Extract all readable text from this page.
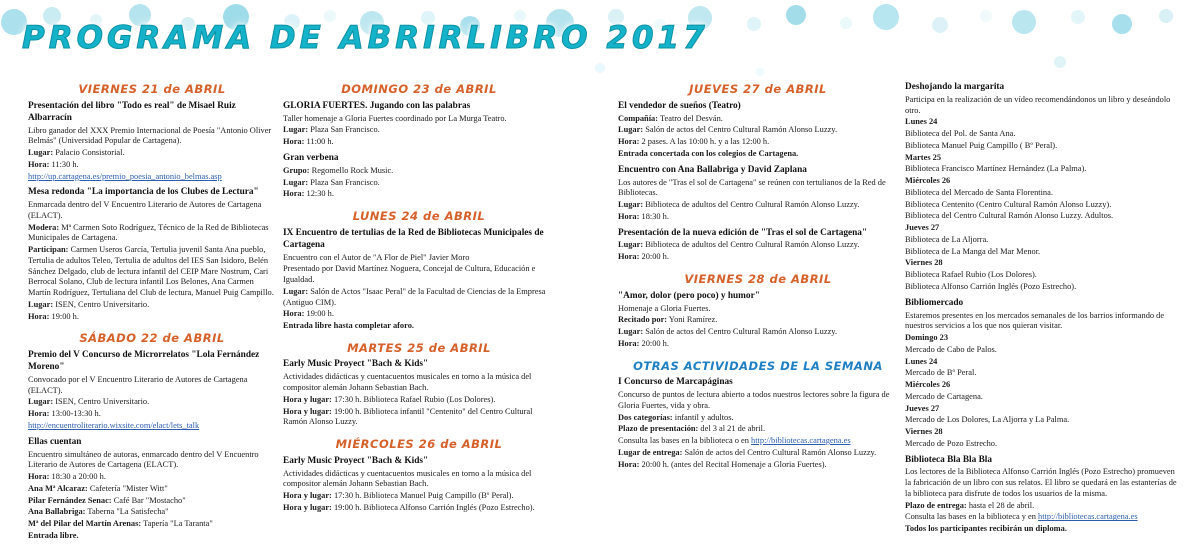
PROGRAMA DE ABRIRLIBRO 2017
VIERNES 21 de ABRIL
Presentación del libro "Todo es real" de Misael Ruiz Albarracín

Libro ganador del XXX Premio Internacional de Poesía "Antonio Oliver Belmás" (Universidad Popular de Cartagena).

Lugar: Palacio Consistorial.

Hora: 11:30 h.

http://up.cartagena.es/premio_poesia_antonio_belmas.asp

Mesa redonda "La importancia de los Clubes de Lectura"

Enmarcada dentro del V Encuentro Literario de Autores de Cartagena (ELACT).

Modera: Mª Carmen Soto Rodríguez, Técnico de la Red de Bibliotecas Municipales de Cartagena.

Participan: Carmen Useros García, Tertulia juvenil Santa Ana pueblo, Tertulia de adultos Teleo, Tertulia de adultos del IES San Isidoro, Belén Sánchez Delgado, club de lectura infantil del CEIP Mare Nostrum, Cari Berrocal Solano, Club de lectura infantil Los Belones, Ana Carmen Martín Rodríguez, Tertuliana del Club de lectura, Manuel Puig Campillo.

Lugar: ISEN, Centro Universitario.

Hora: 19:00 h.

SÁBADO 22 de ABRIL
Premio del V Concurso de Microrrelatos "Lola Fernández Moreno"

Convocado por el V Encuentro Literario de Autores de Cartagena (ELACT).

Lugar: ISEN, Centro Universitario.

Hora: 13:00-13:30 h.

http://encuentroliterario.wixsite.com/elact/lets_talk

Ellas cuentan

Encuentro simultáneo de autoras, enmarcado dentro del V Encuentro Literario de Autores de Cartagena (ELACT).

Hora: 18:30 a 20:00 h.

Ana Mª Alcaraz: Cafetería "Mister Witt"

Pilar Fernández Senac: Café Bar "Mostacho"

Ana Ballabriga: Taberna "La Satisfecha"

Mª del Pilar del Martín Arenas: Tapería "La Taranta"

Entrada libre.

DOMINGO 23 de ABRIL
GLORIA FUERTES. Jugando con las palabras

Taller homenaje a Gloria Fuertes coordinado por La Murga Teatro.

Lugar: Plaza San Francisco.

Hora: 11:00 h.

Gran verbena

Grupo: Regomello Rock Music.

Lugar: Plaza San Francisco.

Hora: 12:30 h.

LUNES 24 de ABRIL
IX Encuentro de tertulias de la Red de Bibliotecas Municipales de Cartagena

Encuentro con el Autor de "A Flor de Piel" Javier Moro

Presentado por David Martínez Noguera, Concejal de Cultura, Educación e Igualdad.

Lugar: Salón de Actos "Isaac Peral" de la Facultad de Ciencias de la Empresa (Antiguo CIM).

Hora: 19:00 h.

Entrada libre hasta completar aforo.

MARTES 25 de ABRIL
Early Music Proyect "Bach & Kids"

Actividades didácticas y cuentacuentos musicales en torno a la música del compositor alemán Johann Sebastian Bach.

Hora y lugar: 17:30 h. Biblioteca Rafael Rubio (Los Dolores).

Hora y lugar: 19:00 h. Biblioteca infantil "Centenito" del Centro Cultural Ramón Alonso Luzzy.

MIÉRCOLES 26 de ABRIL
Early Music Proyect "Bach & Kids"

Actividades didácticas y cuentacuentos musicales en torno a la música del compositor alemán Johann Sebastian Bach.

Hora y lugar: 17:30 h. Biblioteca Manuel Puig Campillo (Bº Peral).

Hora y lugar: 19:00 h. Biblioteca Alfonso Carrión Inglés (Pozo Estrecho).

JUEVES 27 de ABRIL
El vendedor de sueños (Teatro)

Compañía: Teatro del Desván.

Lugar: Salón de actos del Centro Cultural Ramón Alonso Luzzy.

Hora: 2 pases. A las 10:00 h. y a las 12:00 h.

Entrada concertada con los colegios de Cartagena.

Encuentro con Ana Ballabriga y David Zaplana

Los autores de "Tras el sol de Cartagena" se reúnen con tertulianos de la Red de Bibliotecas.

Lugar: Biblioteca de adultos del Centro Cultural Ramón Alonso Luzzy.

Hora: 18:30 h.

Presentación de la nueva edición de "Tras el sol de Cartagena"

Lugar: Biblioteca de adultos del Centro Cultural Ramón Alonso Luzzy.

Hora: 20:00 h.

VIERNES 28 de ABRIL
"Amor, dolor (pero poco) y humor"

Homenaje a Gloria Fuertes.

Recitado por: Yoni Ramírez.

Lugar: Salón de actos del Centro Cultural Ramón Alonso Luzzy.

Hora: 20:00 h.

OTRAS ACTIVIDADES DE LA SEMANA
I Concurso de Marcapáginas

Concurso de puntos de lectura abierto a todos nuestros lectores sobre la figura de Gloria Fuertes, vida y obra.

Dos categorías: infantil y adultos.

Plazo de presentación: del 3 al 21 de abril.

Consulta las bases en la biblioteca o en http://bibliotecas.cartagena.es

Lugar de entrega: Salón de actos del Centro Cultural Ramón Alonso Luzzy.

Hora: 20:00 h. (antes del Recital Homenaje a Gloria Fuertes).

Deshojando la margarita

Participa en la realización de un vídeo recomendándonos un libro y deseándolo otro.

Lunes 24

Biblioteca del Pol. de Santa Ana.

Biblioteca Manuel Puig Campillo ( Bº Peral).

Martes 25

Biblioteca Francisco Martínez Hernández (La Palma).

Miércoles 26

Biblioteca del Mercado de Santa Florentina.

Biblioteca Centenito (Centro Cultural Ramón Alonso Luzzy).

Biblioteca del Centro Cultural Ramón Alonso Luzzy. Adultos.

Jueves 27

Biblioteca de La Aljorra.

Biblioteca de La Manga del Mar Menor.

Viernes 28

Biblioteca Rafael Rubio (Los Dolores).

Biblioteca Alfonso Carrión Inglés (Pozo Estrecho).

Bibliomercado

Estaremos presentes en los mercados semanales de los barrios informando de nuestros servicios a los que nos quieran visitar.

Domingo 23

Mercado de Cabo de Palos.

Lunes 24

Mercado de Bº Peral.

Miércoles 26

Mercado de Cartagena.

Jueves 27

Mercado de Los Dolores, La Aljorra y La Palma.

Viernes 28

Mercado de Pozo Estrecho.

Biblioteca Bla Bla Bla

Los lectores de la Biblioteca Alfonso Carrión Inglés (Pozo Estrecho) promueven la fabricación de un libro con sus relatos. El libro se quedará en las estanterías de la biblioteca para disfrute de todos los usuarios de la misma.

Plazo de entrega: hasta el 28 de abril.

Consulta las bases en la biblioteca y en http://bibliotecas.cartagena.es

Todos los participantes recibirán un diploma.
